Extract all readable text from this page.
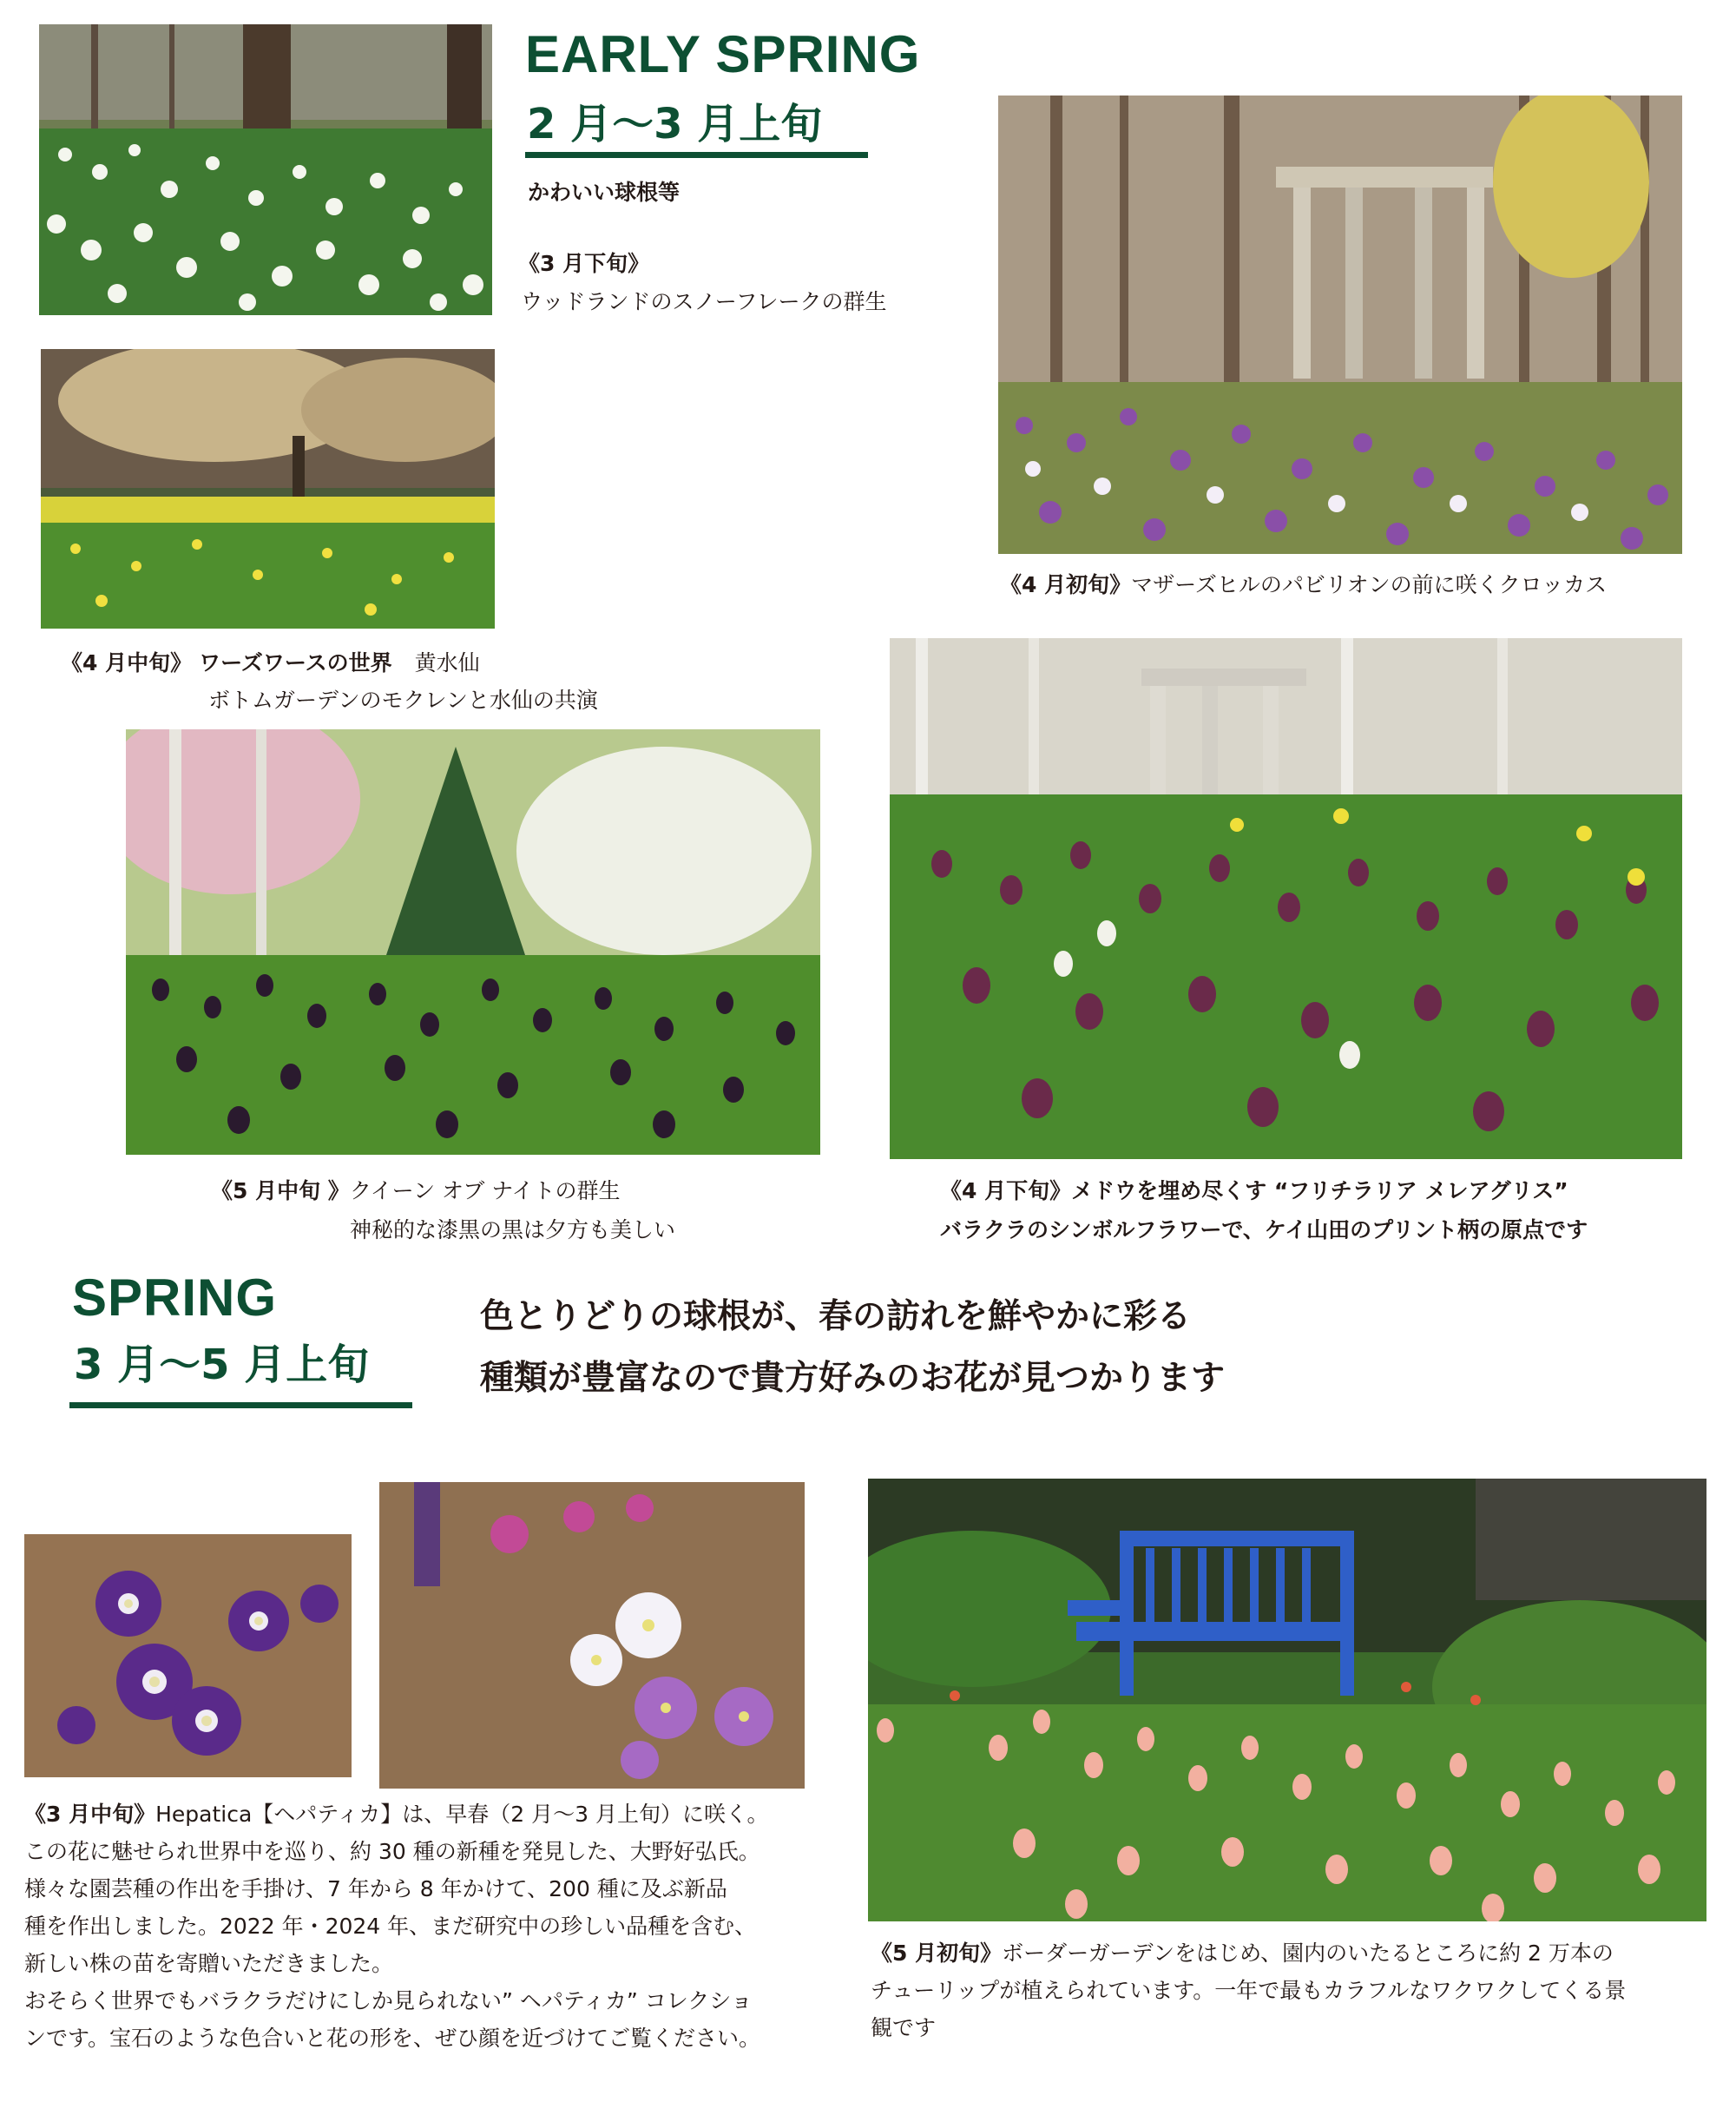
EARLY SPRING
2 月〜3 月上旬
かわいい球根等
《3 月下旬》
ウッドランドのスノーフレークの群生
《4 月初旬》マザーズヒルのパビリオンの前に咲くクロッカス
《4 月中旬》 ワーズワースの世界 黄水仙
ボトムガーデンのモクレンと水仙の共演
《5 月中旬 》クイーン オブ ナイトの群生
神秘的な漆黒の黒は夕方も美しい
《4 月下旬》メドウを埋め尽くす “フリチラリア メレアグリス”
バラクラのシンボルフラワーで、ケイ山田のプリント柄の原点です
SPRING
3 月〜5 月上旬
色とりどりの球根が、春の訪れを鮮やかに彩る
種類が豊富なので貴方好みのお花が見つかります
《3 月中旬》Hepatica【ヘパティカ】は、早春（2 月〜3 月上旬）に咲く。
この花に魅せられ世界中を巡り、約 30 種の新種を発見した、大野好弘氏。
様々な園芸種の作出を手掛け、7 年から 8 年かけて、200 種に及ぶ新品
種を作出しました。2022 年・2024 年、まだ研究中の珍しい品種を含む、
新しい株の苗を寄贈いただきました。
おそらく世界でもバラクラだけにしか見られない” ヘパティカ” コレクショ
ンです。宝石のような色合いと花の形を、ぜひ顔を近づけてご覧ください。
《5 月初旬》ボーダーガーデンをはじめ、園内のいたるところに約 2 万本の
チューリップが植えられています。一年で最もカラフルなワクワクしてくる景
観です
